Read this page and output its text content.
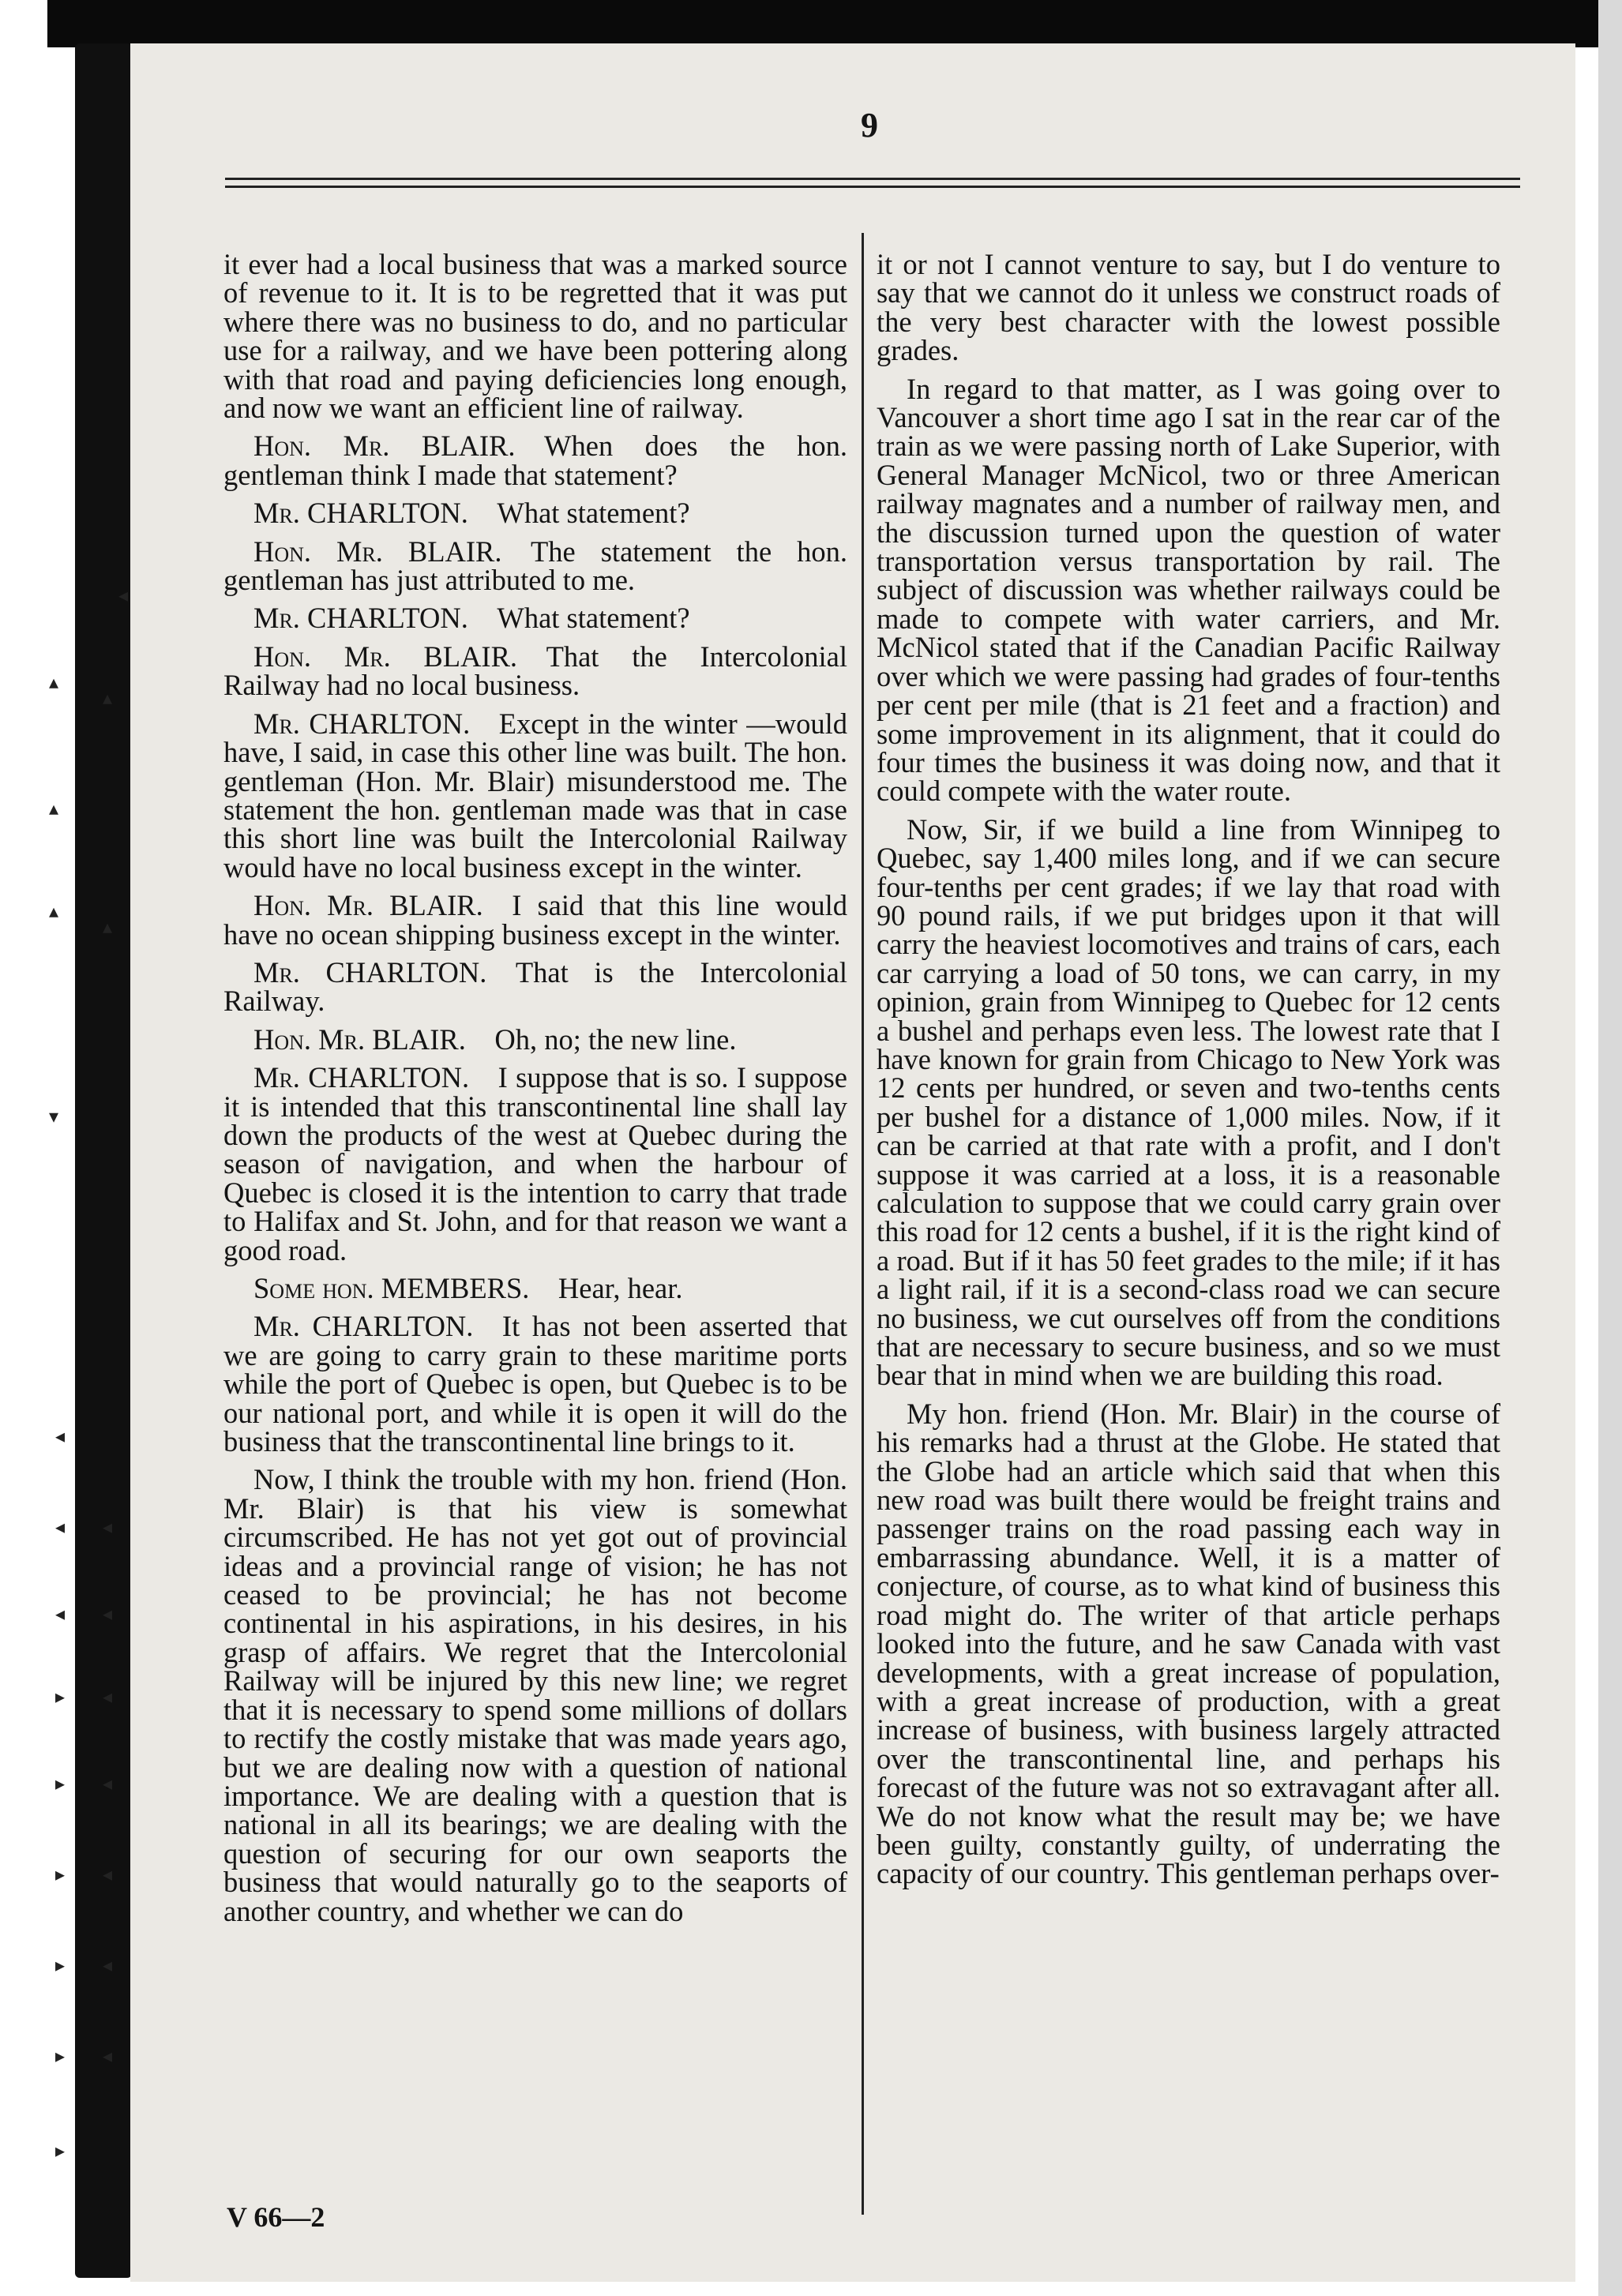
◂
▴
▴
▴
▴
▴
▾
◂
◂ ◂
◂ ◂
▸ ◂
▸ ◂
▸ ◂
▸ ◂
▸ ◂
▸
9

it ever had a local business that was a marked source of revenue to it. It is to be regretted that it was put where there was no business to do, and no particular use for a railway, and we have been pottering along with that road and paying deficiencies long enough, and now we want an efficient line of railway.

Hon. Mr. BLAIR.  When does the hon. gentleman think I made that statement?

Mr. CHARLTON.  What statement?

Hon. Mr. BLAIR.  The statement the hon. gentleman has just attributed to me.

Mr. CHARLTON.  What statement?

Hon. Mr. BLAIR.  That the Intercolonial Railway had no local business.

Mr. CHARLTON.  Except in the winter —would have, I said, in case this other line was built. The hon. gentleman (Hon. Mr. Blair) misunderstood me. The statement the hon. gentleman made was that in case this short line was built the Intercolonial Railway would have no local business except in the winter.

Hon. Mr. BLAIR.  I said that this line would have no ocean shipping business except in the winter.

Mr. CHARLTON.  That is the Intercolonial Railway.

Hon. Mr. BLAIR.  Oh, no; the new line.

Mr. CHARLTON.  I suppose that is so. I suppose it is intended that this transcontinental line shall lay down the products of the west at Quebec during the season of navigation, and when the harbour of Quebec is closed it is the intention to carry that trade to Halifax and St. John, and for that reason we want a good road.

Some hon. MEMBERS.  Hear, hear.

Mr. CHARLTON.  It has not been asserted that we are going to carry grain to these maritime ports while the port of Quebec is open, but Quebec is to be our national port, and while it is open it will do the business that the transcontinental line brings to it.

Now, I think the trouble with my hon. friend (Hon. Mr. Blair) is that his view is somewhat circumscribed. He has not yet got out of provincial ideas and a provincial range of vision; he has not ceased to be provincial; he has not become continental in his aspirations, in his desires, in his grasp of affairs. We regret that the Intercolonial Railway will be injured by this new line; we regret that it is necessary to spend some millions of dollars to rectify the costly mistake that was made years ago, but we are dealing now with a question of national importance. We are dealing with a question that is national in all its bearings; we are dealing with the question of securing for our own seaports the business that would naturally go to the seaports of another country, and whether we can do

it or not I cannot venture to say, but I do venture to say that we cannot do it unless we construct roads of the very best character with the lowest possible grades.

In regard to that matter, as I was going over to Vancouver a short time ago I sat in the rear car of the train as we were passing north of Lake Superior, with General Manager McNicol, two or three American railway magnates and a number of railway men, and the discussion turned upon the question of water transportation versus transportation by rail. The subject of discussion was whether railways could be made to compete with water carriers, and Mr. McNicol stated that if the Canadian Pacific Railway over which we were passing had grades of four-tenths per cent per mile (that is 21 feet and a fraction) and some improvement in its alignment, that it could do four times the business it was doing now, and that it could compete with the water route.

Now, Sir, if we build a line from Winnipeg to Quebec, say 1,400 miles long, and if we can secure four-tenths per cent grades; if we lay that road with 90 pound rails, if we put bridges upon it that will carry the heaviest locomotives and trains of cars, each car carrying a load of 50 tons, we can carry, in my opinion, grain from Winnipeg to Quebec for 12 cents a bushel and perhaps even less. The lowest rate that I have known for grain from Chicago to New York was 12 cents per hundred, or seven and two-tenths cents per bushel for a distance of 1,000 miles. Now, if it can be carried at that rate with a profit, and I don't suppose it was carried at a loss, it is a reasonable calculation to suppose that we could carry grain over this road for 12 cents a bushel, if it is the right kind of a road. But if it has 50 feet grades to the mile; if it has a light rail, if it is a second-class road we can secure no business, we cut ourselves off from the conditions that are necessary to secure business, and so we must bear that in mind when we are building this road.

My hon. friend (Hon. Mr. Blair) in the course of his remarks had a thrust at the Globe. He stated that the Globe had an article which said that when this new road was built there would be freight trains and passenger trains on the road passing each way in embarrassing abundance. Well, it is a matter of conjecture, of course, as to what kind of business this road might do. The writer of that article perhaps looked into the future, and he saw Canada with vast developments, with a great increase of population, with a great increase of production, with a great increase of business, with business largely attracted over the transcontinental line, and perhaps his forecast of the future was not so extravagant after all. We do not know what the result may be; we have been guilty, constantly guilty, of underrating the capacity of our country. This gentleman perhaps over-

V 66—2
